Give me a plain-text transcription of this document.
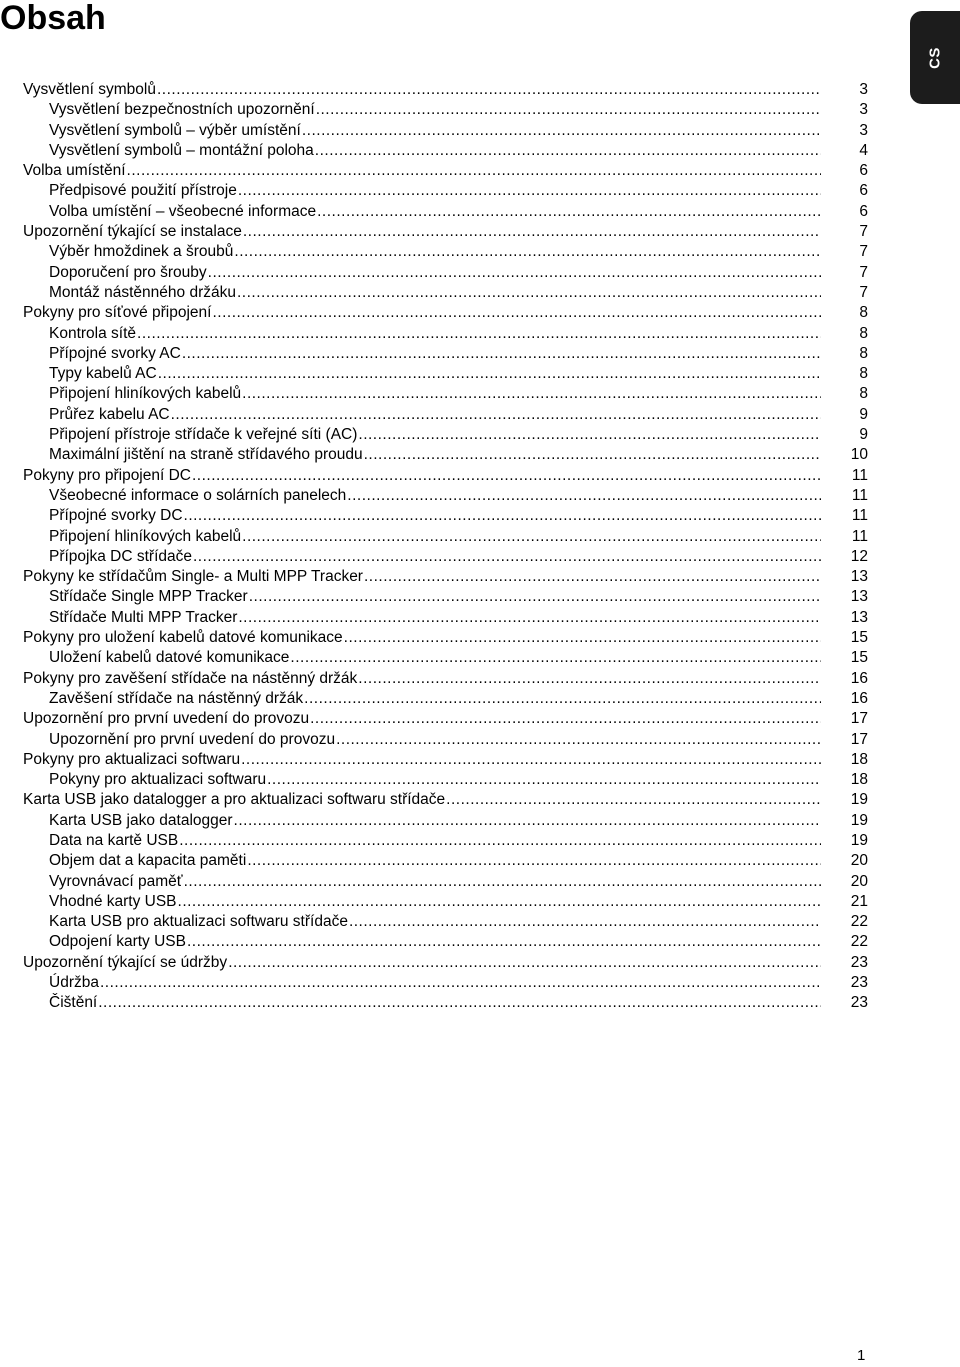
Obsah
CS
Vysvětlení symbolů .....	3
Vysvětlení bezpečnostních upozornění .....	3
Vysvětlení symbolů – výběr umístění .....	3
Vysvětlení symbolů – montážní poloha .....	4
Volba umístění .....	6
Předpisové použití přístroje .....	6
Volba umístění – všeobecné informace .....	6
Upozornění týkající se instalace .....	7
Výběr hmoždinek a šroubů .....	7
Doporučení pro šrouby .....	7
Montáž nástěnného držáku .....	7
Pokyny pro síťové připojení .....	8
Kontrola sítě .....	8
Přípojné svorky AC .....	8
Typy kabelů AC .....	8
Připojení hliníkových kabelů .....	8
Průřez kabelu AC .....	9
Připojení přístroje střídače k veřejné síti (AC) .....	9
Maximální jištění na straně střídavého proudu .....	10
Pokyny pro připojení DC .....	11
Všeobecné informace o solárních panelech .....	11
Přípojné svorky DC .....	11
Připojení hliníkových kabelů .....	11
Přípojka DC střídače .....	12
Pokyny ke střídačům Single- a Multi MPP Tracker .....	13
Střídače Single MPP Tracker .....	13
Střídače Multi MPP Tracker .....	13
Pokyny pro uložení kabelů datové komunikace .....	15
Uložení kabelů datové komunikace .....	15
Pokyny pro zavěšení střídače na nástěnný držák .....	16
Zavěšení střídače na nástěnný držák .....	16
Upozornění pro první uvedení do provozu .....	17
Upozornění pro první uvedení do provozu .....	17
Pokyny pro aktualizaci softwaru .....	18
Pokyny pro aktualizaci softwaru .....	18
Karta USB jako datalogger a pro aktualizaci softwaru střídače .....	19
Karta USB jako datalogger .....	19
Data na kartě USB .....	19
Objem dat a kapacita paměti .....	20
Vyrovnávací paměť .....	20
Vhodné karty USB .....	21
Karta USB pro aktualizaci softwaru střídače .....	22
Odpojení karty USB .....	22
Upozornění týkající se údržby .....	23
Údržba .....	23
Čištění .....	23
1
